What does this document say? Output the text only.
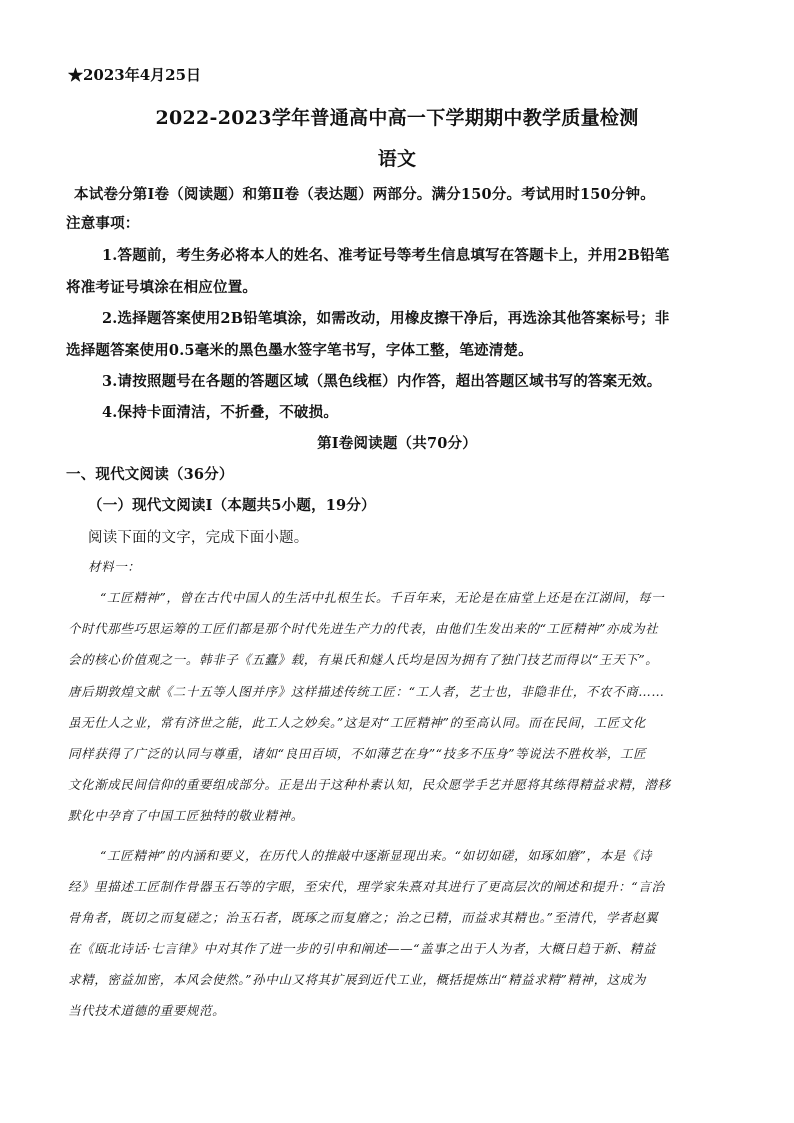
★2023年4月25日
2022-2023学年普通高中高一下学期期中教学质量检测
语文
本试卷分第Ⅰ卷（阅读题）和第Ⅱ卷（表达题）两部分。满分150分。考试用时150分钟。
注意事项：
1.答题前，考生务必将本人的姓名、准考证号等考生信息填写在答题卡上，并用2B铅笔
将准考证号填涂在相应位置。
2.选择题答案使用2B铅笔填涂，如需改动，用橡皮擦干净后，再选涂其他答案标号；非
选择题答案使用0.5毫米的黑色墨水签字笔书写，字体工整，笔迹清楚。
3.请按照题号在各题的答题区域（黑色线框）内作答，超出答题区域书写的答案无效。
4.保持卡面清洁，不折叠，不破损。
第Ⅰ卷阅读题（共70分）
一、现代文阅读（36分）
（一）现代文阅读Ⅰ（本题共5小题，19分）
阅读下面的文字，完成下面小题。
材料一：
“工匠精神”，曾在古代中国人的生活中扎根生长。千百年来，无论是在庙堂上还是在江湖间，每一
个时代那些巧思运筹的工匠们都是那个时代先进生产力的代表，由他们生发出来的“工匠精神”亦成为社
会的核心价值观之一。韩非子《五蠹》载，有巢氏和燧人氏均是因为拥有了独门技艺而得以“王天下”。
唐后期敦煌文献《二十五等人图并序》这样描述传统工匠：“工人者，艺士也，非隐非仕，不农不商……
虽无仕人之业，常有济世之能，此工人之妙矣。”这是对“工匠精神”的至高认同。而在民间，工匠文化
同样获得了广泛的认同与尊重，诸如“良田百顷，不如薄艺在身”“技多不压身”等说法不胜枚举，工匠
文化渐成民间信仰的重要组成部分。正是出于这种朴素认知，民众愿学手艺并愿将其练得精益求精，潜移
默化中孕育了中国工匠独特的敬业精神。
“工匠精神”的内涵和要义，在历代人的推敲中逐渐显现出来。“如切如磋，如琢如磨”，本是《诗
经》里描述工匠制作骨器玉石等的字眼，至宋代，理学家朱熹对其进行了更高层次的阐述和提升：“言治
骨角者，既切之而复磋之；治玉石者，既琢之而复磨之；治之已精，而益求其精也。”至清代，学者赵翼
在《瓯北诗话·七言律》中对其作了进一步的引申和阐述——“盖事之出于人为者，大概日趋于新、精益
求精，密益加密，本风会使然。”孙中山又将其扩展到近代工业，概括提炼出“精益求精”精神，这成为
当代技术道德的重要规范。
